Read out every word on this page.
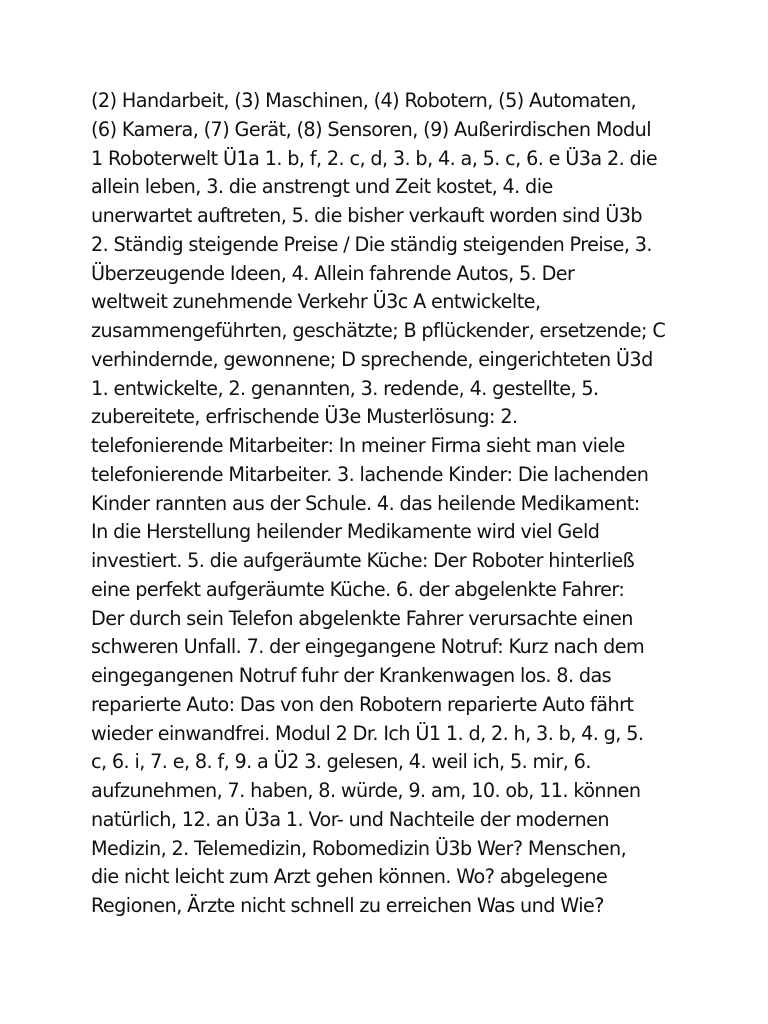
(2) Handarbeit, (3) Maschinen, (4) Robotern, (5) Automaten,
(6) Kamera, (7) Gerät, (8) Sensoren, (9) Außerirdischen Modul
1 Roboterwelt Ü1a 1. b, f, 2. c, d, 3. b, 4. a, 5. c, 6. e Ü3a 2. die
allein leben, 3. die anstrengt und Zeit kostet, 4. die
unerwartet auftreten, 5. die bisher verkauft worden sind Ü3b
2. Ständig steigende Preise / Die ständig steigenden Preise, 3.
Überzeugende Ideen, 4. Allein fahrende Autos, 5. Der
weltweit zunehmende Verkehr Ü3c A entwickelte,
zusammengeführten, geschätzte; B pflückender, ersetzende; C
verhindernde, gewonnene; D sprechende, eingerichteten Ü3d
1. entwickelte, 2. genannten, 3. redende, 4. gestellte, 5.
zubereitete, erfrischende Ü3e Musterlösung: 2.
telefonierende Mitarbeiter: In meiner Firma sieht man viele
telefonierende Mitarbeiter. 3. lachende Kinder: Die lachenden
Kinder rannten aus der Schule. 4. das heilende Medikament:
In die Herstellung heilender Medikamente wird viel Geld
investiert. 5. die aufgeräumte Küche: Der Roboter hinterließ
eine perfekt aufgeräumte Küche. 6. der abgelenkte Fahrer:
Der durch sein Telefon abgelenkte Fahrer verursachte einen
schweren Unfall. 7. der eingegangene Notruf: Kurz nach dem
eingegangenen Notruf fuhr der Krankenwagen los. 8. das
reparierte Auto: Das von den Robotern reparierte Auto fährt
wieder einwandfrei. Modul 2 Dr. Ich Ü1 1. d, 2. h, 3. b, 4. g, 5.
c, 6. i, 7. e, 8. f, 9. a Ü2 3. gelesen, 4. weil ich, 5. mir, 6.
aufzunehmen, 7. haben, 8. würde, 9. am, 10. ob, 11. können
natürlich, 12. an Ü3a 1. Vor- und Nachteile der modernen
Medizin, 2. Telemedizin, Robomedizin Ü3b Wer? Menschen,
die nicht leicht zum Arzt gehen können. Wo? abgelegene
Regionen, Ärzte nicht schnell zu erreichen Was und Wie?
